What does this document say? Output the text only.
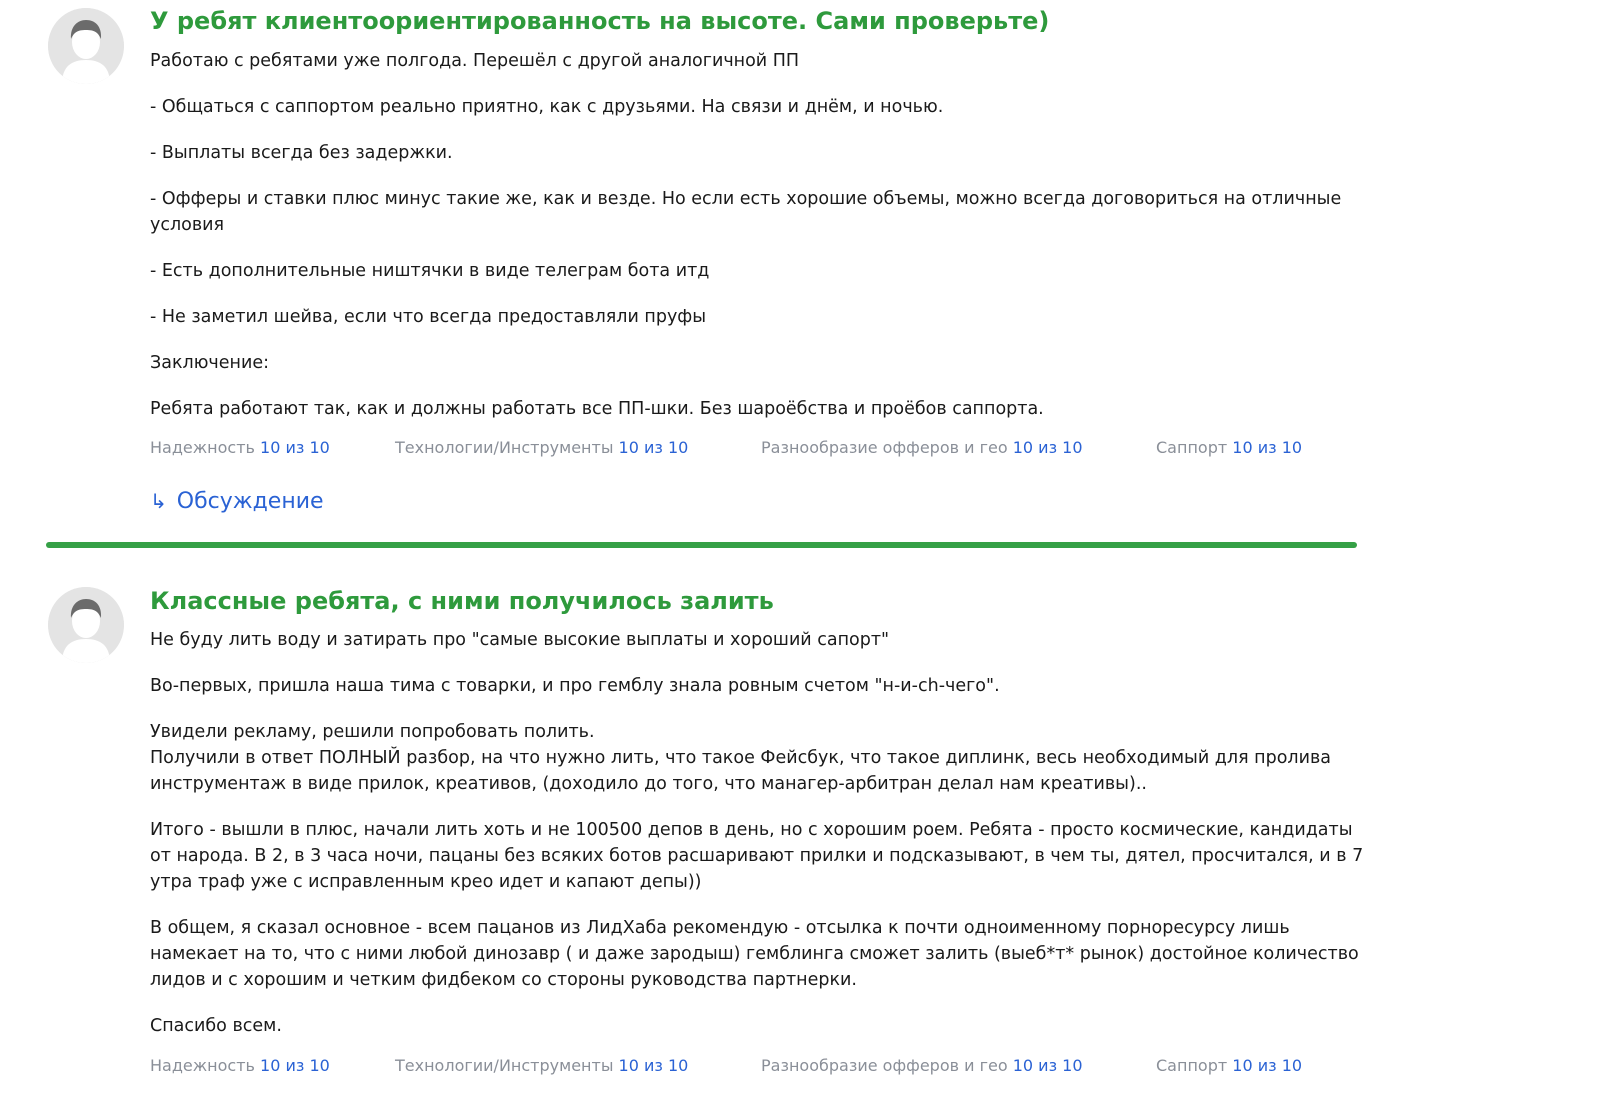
У ребят клиентоориентированность на высоте. Сами проверьте)

Работаю с ребятами уже полгода. Перешёл с другой аналогичной ПП

- Общаться с саппортом реально приятно, как с друзьями. На связи и днём, и ночью.

- Выплаты всегда без задержки.

- Офферы и ставки плюс минус такие же, как и везде. Но если есть хорошие объемы, можно всегда договориться на отличные условия

- Есть дополнительные ништячки в виде телеграм бота итд

- Не заметил шейва, если что всегда предоставляли пруфы

Заключение:

Ребята работают так, как и должны работать все ПП-шки. Без шароёбства и проёбов саппорта.

Надежность 10 из 10	Технологии/Инструменты 10 из 10	Разнообразие офферов и гео 10 из 10	Саппорт 10 из 10
↳ Обсуждение
Классные ребята, с ними получилось залить

Не буду лить воду и затирать про "самые высокие выплаты и хороший сапорт"

Во-первых, пришла наша тима с товарки, и про гемблу знала ровным счетом "н-и-ch-чего".

Увидели рекламу, решили попробовать полить.
Получили в ответ ПОЛНЫЙ разбор, на что нужно лить, что такое Фейсбук, что такое диплинк, весь необходимый для пролива инструментаж в виде прилок, креативов, (доходило до того, что манагер-арбитран делал нам креативы)..

Итого - вышли в плюс, начали лить хоть и не 100500 депов в день, но с хорошим роем. Ребята - просто космические, кандидаты от народа. В 2, в 3 часа ночи, пацаны без всяких ботов расшаривают прилки и подсказывают, в чем ты, дятел, просчитался, и в 7 утра траф уже с исправленным крео идет и капают депы))

В общем, я сказал основное - всем пацанов из ЛидХаба рекомендую - отсылка к почти одноименному порноресурсу лишь намекает на то, что с ними любой динозавр ( и даже зародыш) гемблинга сможет залить (выеб*т* рынок) достойное количество лидов и с хорошим и четким фидбеком со стороны руководства партнерки.

Спасибо всем.

Надежность 10 из 10	Технологии/Инструменты 10 из 10	Разнообразие офферов и гео 10 из 10	Саппорт 10 из 10
